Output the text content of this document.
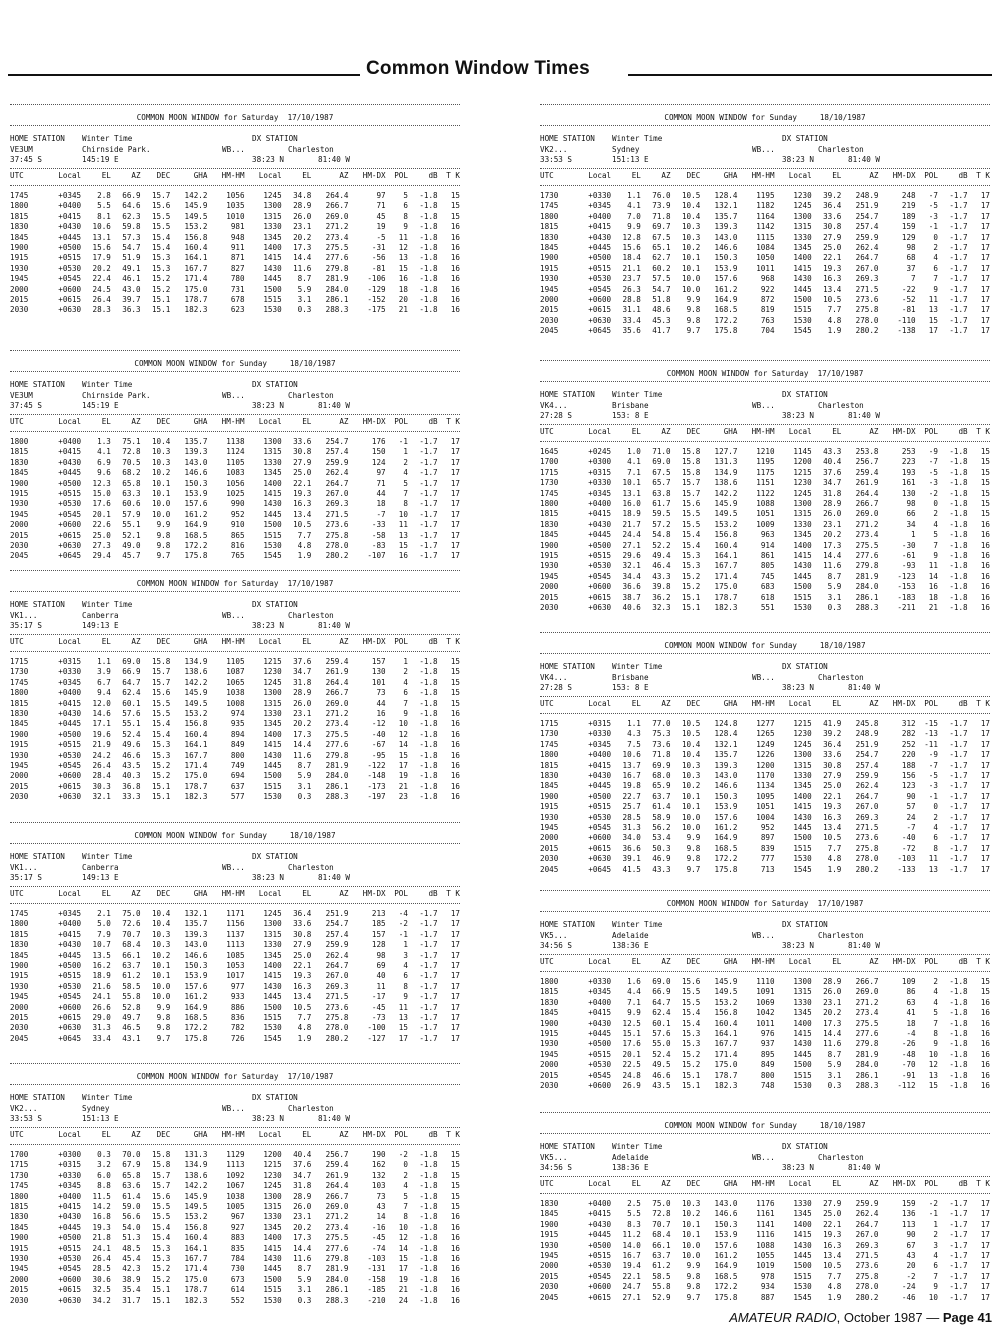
Common Window Times
COMMON MOON WINDOW for Saturday  17/10/1987
HOME STATION	Winter Time	DX STATION
VE3UM	Chirnside Park.	WB...	Charleston
37:45 S	145:19 E	38:23 N	81:40 W
UTC	Local	EL	AZ	DEC	GHA	HM-HM	Local	EL	AZ	HM-DX	POL	dB	T K

1745	+0345	2.8	66.9	15.7	142.2	1056	1245	34.8	264.4	97	5	-1.8	15
1800	+0400	5.5	64.6	15.6	145.9	1035	1300	28.9	266.7	71	6	-1.8	15
1815	+0415	8.1	62.3	15.5	149.5	1010	1315	26.0	269.0	45	8	-1.8	15
1830	+0430	10.6	59.8	15.5	153.2	981	1330	23.1	271.2	19	9	-1.8	16
1845	+0445	13.1	57.3	15.4	156.8	948	1345	20.2	273.4	-5	11	-1.8	16
1900	+0500	15.6	54.7	15.4	160.4	911	1400	17.3	275.5	-31	12	-1.8	16
1915	+0515	17.9	51.9	15.3	164.1	871	1415	14.4	277.6	-56	13	-1.8	16
1930	+0530	20.2	49.1	15.3	167.7	827	1430	11.6	279.8	-81	15	-1.8	16
1945	+0545	22.4	46.1	15.2	171.4	780	1445	8.7	281.9	-106	16	-1.8	16
2000	+0600	24.5	43.0	15.2	175.0	731	1500	5.9	284.0	-129	18	-1.8	16
2015	+0615	26.4	39.7	15.1	178.7	678	1515	3.1	286.1	-152	20	-1.8	16
2030	+0630	28.3	36.3	15.1	182.3	623	1530	0.3	288.3	-175	21	-1.8	16
COMMON MOON WINDOW for Sunday     18/10/1987
HOME STATION	Winter Time	DX STATION
VE3UM	Chirnside Park.	WB...	Charleston
37:45 S	145:19 E	38:23 N	81:40 W
UTC	Local	EL	AZ	DEC	GHA	HM-HM	Local	EL	AZ	HM-DX	POL	dB	T K

1800	+0400	1.3	75.1	10.4	135.7	1138	1300	33.6	254.7	176	-1	-1.7	17
1815	+0415	4.1	72.8	10.3	139.3	1124	1315	30.8	257.4	150	1	-1.7	17
1830	+0430	6.9	70.5	10.3	143.0	1105	1330	27.9	259.9	124	2	-1.7	17
1845	+0445	9.6	68.2	10.2	146.6	1083	1345	25.0	262.4	97	4	-1.7	17
1900	+0500	12.3	65.8	10.1	150.3	1056	1400	22.1	264.7	71	5	-1.7	17
1915	+0515	15.0	63.3	10.1	153.9	1025	1415	19.3	267.0	44	7	-1.7	17
1930	+0530	17.6	60.6	10.0	157.6	990	1430	16.3	269.3	18	8	-1.7	17
1945	+0545	20.1	57.9	10.0	161.2	952	1445	13.4	271.5	-7	10	-1.7	17
2000	+0600	22.6	55.1	9.9	164.9	910	1500	10.5	273.6	-33	11	-1.7	17
2015	+0615	25.0	52.1	9.8	168.5	865	1515	7.7	275.8	-58	13	-1.7	17
2030	+0630	27.3	49.0	9.8	172.2	816	1530	4.8	278.0	-83	15	-1.7	17
2045	+0645	29.4	45.7	9.7	175.8	765	1545	1.9	280.2	-107	16	-1.7	17
COMMON MOON WINDOW for Saturday  17/10/1987
HOME STATION	Winter Time	DX STATION
VK1...	Canberra	WB...	Charleston
35:17 S	149:13 E	38:23 N	81:40 W
UTC	Local	EL	AZ	DEC	GHA	HM-HM	Local	EL	AZ	HM-DX	POL	dB	T K

1715	+0315	1.1	69.0	15.8	134.9	1105	1215	37.6	259.4	157	1	-1.8	15
1730	+0330	3.9	66.9	15.7	138.6	1087	1230	34.7	261.9	130	2	-1.8	15
1745	+0345	6.7	64.7	15.7	142.2	1065	1245	31.8	264.4	101	4	-1.8	15
1800	+0400	9.4	62.4	15.6	145.9	1038	1300	28.9	266.7	73	6	-1.8	15
1815	+0415	12.0	60.1	15.5	149.5	1008	1315	26.0	269.0	44	7	-1.8	15
1830	+0430	14.6	57.6	15.5	153.2	974	1330	23.1	271.2	16	9	-1.8	16
1845	+0445	17.1	55.1	15.4	156.8	935	1345	20.2	273.4	-12	10	-1.8	16
1900	+0500	19.6	52.4	15.4	160.4	894	1400	17.3	275.5	-40	12	-1.8	16
1915	+0515	21.9	49.6	15.3	164.1	849	1415	14.4	277.6	-67	14	-1.8	16
1930	+0530	24.2	46.6	15.3	167.7	800	1430	11.6	279.8	-95	15	-1.8	16
1945	+0545	26.4	43.5	15.2	171.4	749	1445	8.7	281.9	-122	17	-1.8	16
2000	+0600	28.4	40.3	15.2	175.0	694	1500	5.9	284.0	-148	19	-1.8	16
2015	+0615	30.3	36.8	15.1	178.7	637	1515	3.1	286.1	-173	21	-1.8	16
2030	+0630	32.1	33.3	15.1	182.3	577	1530	0.3	288.3	-197	23	-1.8	16
COMMON MOON WINDOW for Sunday     18/10/1987
HOME STATION	Winter Time	DX STATION
VK1...	Canberra	WB...	Charleston
35:17 S	149:13 E	38:23 N	81:40 W
UTC	Local	EL	AZ	DEC	GHA	HM-HM	Local	EL	AZ	HM-DX	POL	dB	T K

1745	+0345	2.1	75.0	10.4	132.1	1171	1245	36.4	251.9	213	-4	-1.7	17
1800	+0400	5.0	72.6	10.4	135.7	1156	1300	33.6	254.7	185	-2	-1.7	17
1815	+0415	7.9	70.7	10.3	139.3	1137	1315	30.8	257.4	157	-1	-1.7	17
1830	+0430	10.7	68.4	10.3	143.0	1113	1330	27.9	259.9	128	1	-1.7	17
1845	+0445	13.5	66.1	10.2	146.6	1085	1345	25.0	262.4	98	3	-1.7	17
1900	+0500	16.2	63.7	10.1	150.3	1053	1400	22.1	264.7	69	4	-1.7	17
1915	+0515	18.9	61.2	10.1	153.9	1017	1415	19.3	267.0	40	6	-1.7	17
1930	+0530	21.6	58.5	10.0	157.6	977	1430	16.3	269.3	11	8	-1.7	17
1945	+0545	24.1	55.8	10.0	161.2	933	1445	13.4	271.5	-17	9	-1.7	17
2000	+0600	26.6	52.8	9.9	164.9	886	1500	10.5	273.6	-45	11	-1.7	17
2015	+0615	29.0	49.7	9.8	168.5	836	1515	7.7	275.8	-73	13	-1.7	17
2030	+0630	31.3	46.5	9.8	172.2	782	1530	4.8	278.0	-100	15	-1.7	17
2045	+0645	33.4	43.1	9.7	175.8	726	1545	1.9	280.2	-127	17	-1.7	17
COMMON MOON WINDOW for Saturday  17/10/1987
HOME STATION	Winter Time	DX STATION
VK2...	Sydney	WB...	Charleston
33:53 S	151:13 E	38:23 N	81:40 W
UTC	Local	EL	AZ	DEC	GHA	HM-HM	Local	EL	AZ	HM-DX	POL	dB	T K

1700	+0300	0.3	70.0	15.8	131.3	1129	1200	40.4	256.7	190	-2	-1.8	15
1715	+0315	3.2	67.9	15.8	134.9	1113	1215	37.6	259.4	162	0	-1.8	15
1730	+0330	6.0	65.8	15.7	138.6	1092	1230	34.7	261.9	132	2	-1.8	15
1745	+0345	8.8	63.6	15.7	142.2	1067	1245	31.8	264.4	103	4	-1.8	15
1800	+0400	11.5	61.4	15.6	145.9	1038	1300	28.9	266.7	73	5	-1.8	15
1815	+0415	14.2	59.0	15.5	149.5	1005	1315	26.0	269.0	43	7	-1.8	15
1830	+0430	16.8	56.6	15.5	153.2	967	1330	23.1	271.2	14	8	-1.8	16
1845	+0445	19.3	54.0	15.4	156.8	927	1345	20.2	273.4	-16	10	-1.8	16
1900	+0500	21.8	51.3	15.4	160.4	883	1400	17.3	275.5	-45	12	-1.8	16
1915	+0515	24.1	48.5	15.3	164.1	835	1415	14.4	277.6	-74	14	-1.8	16
1930	+0530	26.4	45.4	15.3	167.7	784	1430	11.6	279.8	-103	15	-1.8	16
1945	+0545	28.5	42.3	15.2	171.4	730	1445	8.7	281.9	-131	17	-1.8	16
2000	+0600	30.6	38.9	15.2	175.0	673	1500	5.9	284.0	-158	19	-1.8	16
2015	+0615	32.5	35.4	15.1	178.7	614	1515	3.1	286.1	-185	21	-1.8	16
2030	+0630	34.2	31.7	15.1	182.3	552	1530	0.3	288.3	-210	24	-1.8	16
COMMON MOON WINDOW for Sunday     18/10/1987
HOME STATION	Winter Time	DX STATION
VK2...	Sydney	WB...	Charleston
33:53 S	151:13 E	38:23 N	81:40 W
UTC	Local	EL	AZ	DEC	GHA	HM-HM	Local	EL	AZ	HM-DX	POL	dB	T K

1730	+0330	1.1	76.0	10.5	128.4	1195	1230	39.2	248.9	248	-7	-1.7	17
1745	+0345	4.1	73.9	10.4	132.1	1182	1245	36.4	251.9	219	-5	-1.7	17
1800	+0400	7.0	71.8	10.4	135.7	1164	1300	33.6	254.7	189	-3	-1.7	17
1815	+0415	9.9	69.7	10.3	139.3	1142	1315	30.8	257.4	159	-1	-1.7	17
1830	+0430	12.8	67.5	10.3	143.0	1115	1330	27.9	259.9	129	0	-1.7	17
1845	+0445	15.6	65.1	10.2	146.6	1084	1345	25.0	262.4	98	2	-1.7	17
1900	+0500	18.4	62.7	10.1	150.3	1050	1400	22.1	264.7	68	4	-1.7	17
1915	+0515	21.1	60.2	10.1	153.9	1011	1415	19.3	267.0	37	6	-1.7	17
1930	+0530	23.7	57.5	10.0	157.6	968	1430	16.3	269.3	7	7	-1.7	17
1945	+0545	26.3	54.7	10.0	161.2	922	1445	13.4	271.5	-22	9	-1.7	17
2000	+0600	28.8	51.8	9.9	164.9	872	1500	10.5	273.6	-52	11	-1.7	17
2015	+0615	31.1	48.6	9.8	168.5	819	1515	7.7	275.8	-81	13	-1.7	17
2030	+0630	33.4	45.3	9.8	172.2	763	1530	4.8	278.0	-110	15	-1.7	17
2045	+0645	35.6	41.7	9.7	175.8	704	1545	1.9	280.2	-138	17	-1.7	17
COMMON MOON WINDOW for Saturday  17/10/1987
HOME STATION	Winter Time	DX STATION
VK4...	Brisbane	WB...	Charleston
27:28 S	153: 8 E	38:23 N	81:40 W
UTC	Local	EL	AZ	DEC	GHA	HM-HM	Local	EL	AZ	HM-DX	POL	dB	T K

1645	+0245	1.0	71.0	15.8	127.7	1210	1145	43.3	253.8	253	-9	-1.8	15
1700	+0300	4.1	69.0	15.8	131.3	1195	1200	40.4	256.7	223	-7	-1.8	15
1715	+0315	7.1	67.5	15.8	134.9	1175	1215	37.6	259.4	193	-5	-1.8	15
1730	+0330	10.1	65.7	15.7	138.6	1151	1230	34.7	261.9	161	-3	-1.8	15
1745	+0345	13.1	63.8	15.7	142.2	1122	1245	31.8	264.4	130	-2	-1.8	15
1800	+0400	16.0	61.7	15.6	145.9	1088	1300	28.9	266.7	98	0	-1.8	15
1815	+0415	18.9	59.5	15.5	149.5	1051	1315	26.0	269.0	66	2	-1.8	15
1830	+0430	21.7	57.2	15.5	153.2	1009	1330	23.1	271.2	34	4	-1.8	16
1845	+0445	24.4	54.8	15.4	156.8	963	1345	20.2	273.4	1	5	-1.8	16
1900	+0500	27.1	52.2	15.4	160.4	914	1400	17.3	275.5	-30	7	-1.8	16
1915	+0515	29.6	49.4	15.3	164.1	861	1415	14.4	277.6	-61	9	-1.8	16
1930	+0530	32.1	46.4	15.3	167.7	805	1430	11.6	279.8	-93	11	-1.8	16
1945	+0545	34.4	43.3	15.2	171.4	745	1445	8.7	281.9	-123	14	-1.8	16
2000	+0600	36.6	39.8	15.2	175.0	683	1500	5.9	284.0	-153	16	-1.8	16
2015	+0615	38.7	36.2	15.1	178.7	618	1515	3.1	286.1	-183	18	-1.8	16
2030	+0630	40.6	32.3	15.1	182.3	551	1530	0.3	288.3	-211	21	-1.8	16
COMMON MOON WINDOW for Sunday     18/10/1987
HOME STATION	Winter Time	DX STATION
VK4...	Brisbane	WB...	Charleston
27:28 S	153: 8 E	38:23 N	81:40 W
UTC	Local	EL	AZ	DEC	GHA	HM-HM	Local	EL	AZ	HM-DX	POL	dB	T K

1715	+0315	1.1	77.0	10.5	124.8	1277	1215	41.9	245.8	312	-15	-1.7	17
1730	+0330	4.3	75.3	10.5	128.4	1265	1230	39.2	248.9	282	-13	-1.7	17
1745	+0345	7.5	73.6	10.4	132.1	1249	1245	36.4	251.9	252	-11	-1.7	17
1800	+0400	10.6	71.8	10.4	135.7	1226	1300	33.6	254.7	220	-9	-1.7	17
1815	+0415	13.7	69.9	10.3	139.3	1200	1315	30.8	257.4	188	-7	-1.7	17
1830	+0430	16.7	68.0	10.3	143.0	1170	1330	27.9	259.9	156	-5	-1.7	17
1845	+0445	19.8	65.9	10.2	146.6	1134	1345	25.0	262.4	123	-3	-1.7	17
1900	+0500	22.7	63.7	10.1	150.3	1095	1400	22.1	264.7	90	-1	-1.7	17
1915	+0515	25.7	61.4	10.1	153.9	1051	1415	19.3	267.0	57	0	-1.7	17
1930	+0530	28.5	58.9	10.0	157.6	1004	1430	16.3	269.3	24	2	-1.7	17
1945	+0545	31.3	56.2	10.0	161.2	952	1445	13.4	271.5	-7	4	-1.7	17
2000	+0600	34.0	53.4	9.9	164.9	897	1500	10.5	273.6	-40	6	-1.7	17
2015	+0615	36.6	50.3	9.8	168.5	839	1515	7.7	275.8	-72	8	-1.7	17
2030	+0630	39.1	46.9	9.8	172.2	777	1530	4.8	278.0	-103	11	-1.7	17
2045	+0645	41.5	43.3	9.7	175.8	713	1545	1.9	280.2	-133	13	-1.7	17
COMMON MOON WINDOW for Saturday  17/10/1987
HOME STATION	Winter Time	DX STATION
VK5...	Adelaide	WB...	Charleston
34:56 S	138:36 E	38:23 N	81:40 W
UTC	Local	EL	AZ	DEC	GHA	HM-HM	Local	EL	AZ	HM-DX	POL	dB	T K

1800	+0330	1.6	69.0	15.6	145.9	1110	1300	28.9	266.7	109	2	-1.8	15
1815	+0345	4.4	66.9	15.5	149.5	1091	1315	26.0	269.0	86	4	-1.8	15
1830	+0400	7.1	64.7	15.5	153.2	1069	1330	23.1	271.2	63	4	-1.8	16
1845	+0415	9.9	62.4	15.4	156.8	1042	1345	20.2	273.4	41	5	-1.8	16
1900	+0430	12.5	60.1	15.4	160.4	1011	1400	17.3	275.5	18	7	-1.8	16
1915	+0445	15.1	57.6	15.3	164.1	976	1415	14.4	277.6	-4	8	-1.8	16
1930	+0500	17.6	55.0	15.3	167.7	937	1430	11.6	279.8	-26	9	-1.8	16
1945	+0515	20.1	52.4	15.2	171.4	895	1445	8.7	281.9	-48	10	-1.8	16
2000	+0530	22.5	49.5	15.2	175.0	849	1500	5.9	284.0	-70	12	-1.8	16
2015	+0545	24.8	46.6	15.1	178.7	800	1515	3.1	286.1	-91	13	-1.8	16
2030	+0600	26.9	43.5	15.1	182.3	748	1530	0.3	288.3	-112	15	-1.8	16
COMMON MOON WINDOW for Sunday     18/10/1987
HOME STATION	Winter Time	DX STATION
VK5...	Adelaide	WB...	Charleston
34:56 S	138:36 E	38:23 N	81:40 W
UTC	Local	EL	AZ	DEC	GHA	HM-HM	Local	EL	AZ	HM-DX	POL	dB	T K

1830	+0400	2.5	75.0	10.3	143.0	1176	1330	27.9	259.9	159	-2	-1.7	17
1845	+0415	5.5	72.8	10.2	146.6	1161	1345	25.0	262.4	136	-1	-1.7	17
1900	+0430	8.3	70.7	10.1	150.3	1141	1400	22.1	264.7	113	1	-1.7	17
1915	+0445	11.2	68.4	10.1	153.9	1116	1415	19.3	267.0	90	2	-1.7	17
1930	+0500	14.0	66.1	10.0	157.6	1088	1430	16.3	269.3	67	3	-1.7	17
1945	+0515	16.7	63.7	10.0	161.2	1055	1445	13.4	271.5	43	4	-1.7	17
2000	+0530	19.4	61.2	9.9	164.9	1019	1500	10.5	273.6	20	6	-1.7	17
2015	+0545	22.1	58.5	9.8	168.5	978	1515	7.7	275.8	-2	7	-1.7	17
2030	+0600	24.7	55.8	9.8	172.2	934	1530	4.8	278.0	-24	9	-1.7	17
2045	+0615	27.1	52.9	9.7	175.8	887	1545	1.9	280.2	-46	10	-1.7	17
AMATEUR RADIO, October 1987 — Page 41
